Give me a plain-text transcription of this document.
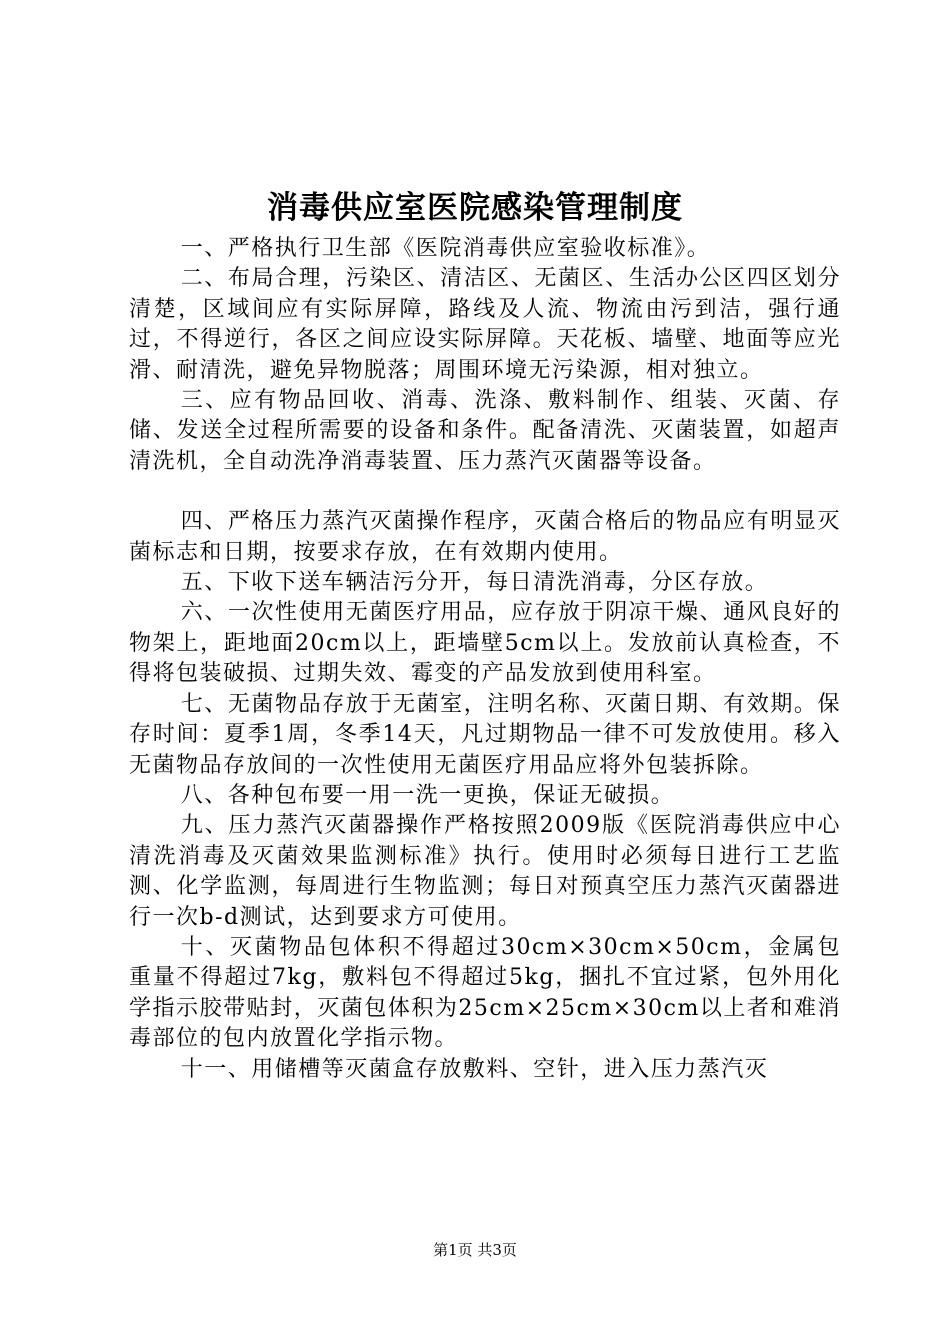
消毒供应室医院感染管理制度

一、严格执行卫生部《医院消毒供应室验收标准》。

二、布局合理，污染区、清洁区、无菌区、生活办公区四区划分清楚，区域间应有实际屏障，路线及人流、物流由污到洁，强行通过，不得逆行，各区之间应设实际屏障。天花板、墙壁、地面等应光滑、耐清洗，避免异物脱落；周围环境无污染源，相对独立。

三、应有物品回收、消毒、洗涤、敷料制作、组装、灭菌、存储、发送全过程所需要的设备和条件。配备清洗、灭菌装置，如超声清洗机，全自动洗净消毒装置、压力蒸汽灭菌器等设备。

四、严格压力蒸汽灭菌操作程序，灭菌合格后的物品应有明显灭菌标志和日期，按要求存放，在有效期内使用。

五、下收下送车辆洁污分开，每日清洗消毒，分区存放。

六、一次性使用无菌医疗用品，应存放于阴凉干燥、通风良好的物架上，距地面20cm以上，距墙壁5cm以上。发放前认真检查，不得将包装破损、过期失效、霉变的产品发放到使用科室。

七、无菌物品存放于无菌室，注明名称、灭菌日期、有效期。保存时间：夏季1周，冬季14天，凡过期物品一律不可发放使用。移入无菌物品存放间的一次性使用无菌医疗用品应将外包装拆除。

八、各种包布要一用一洗一更换，保证无破损。

九、压力蒸汽灭菌器操作严格按照2009版《医院消毒供应中心清洗消毒及灭菌效果监测标准》执行。使用时必须每日进行工艺监测、化学监测，每周进行生物监测；每日对预真空压力蒸汽灭菌器进行一次b-d测试，达到要求方可使用。

十、灭菌物品包体积不得超过30cm×30cm×50cm，金属包重量不得超过7kg，敷料包不得超过5kg，捆扎不宜过紧，包外用化学指示胶带贴封，灭菌包体积为25cm×25cm×30cm以上者和难消毒部位的包内放置化学指示物。

十一、用储槽等灭菌盒存放敷料、空针，进入压力蒸汽灭

第1页 共3页
